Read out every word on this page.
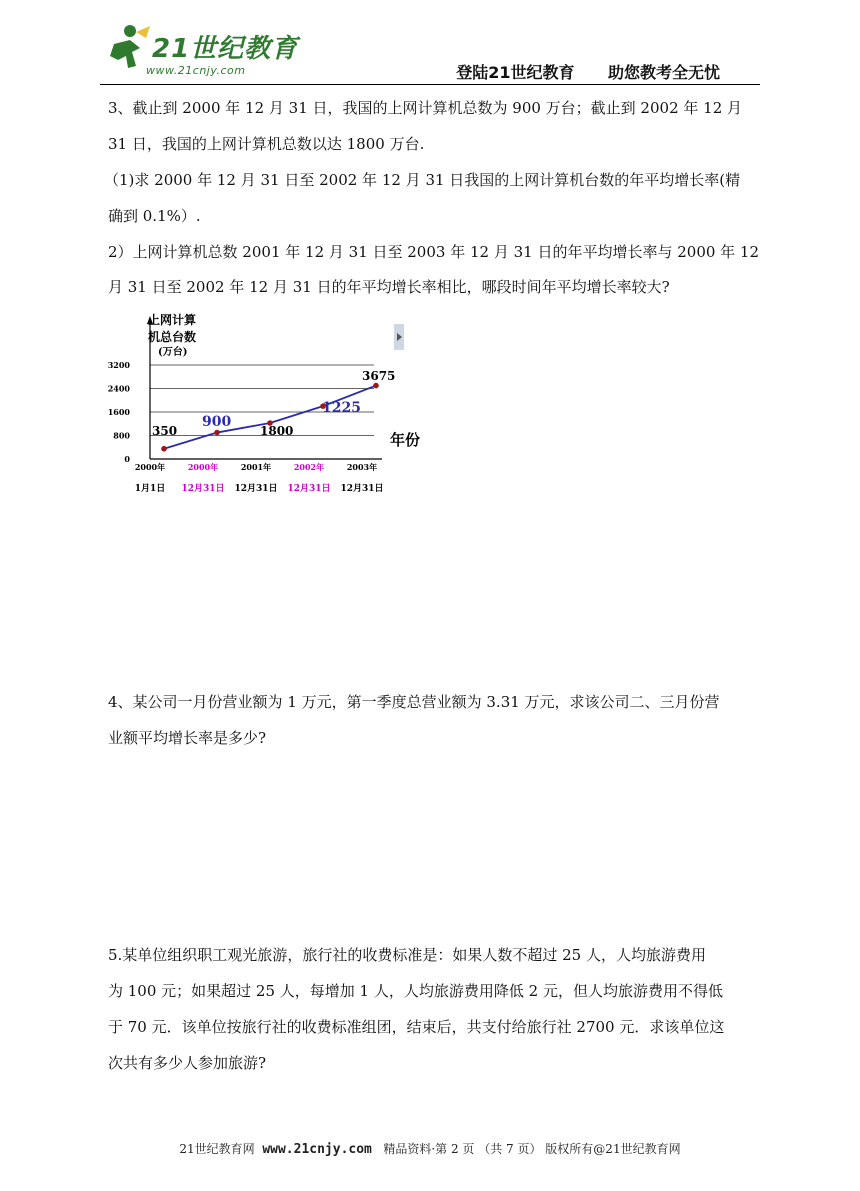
21世纪教育
www.21cnjy.com	登陆21世纪教育 助您教考全无忧
3、截止到 2000 年 12 月 31 日，我国的上网计算机总数为 900 万台；截止到 2002 年 12 月
31 日，我国的上网计算机总数以达 1800 万台.
（1)求 2000 年 12 月 31 日至 2002 年 12 月 31 日我国的上网计算机台数的年平均增长率(精
确到 0.1%）.
2）上网计算机总数 2001 年 12 月 31 日至 2003 年 12 月 31 日的年平均增长率与 2000 年 12
月 31 日至 2002 年 12 月 31 日的年平均增长率相比，哪段时间年平均增长率较大?
0
800
1600
2400
3200
上网计算
机总台数
(万台)
年份
2000年
1月1日
2000年
12月31日
2001年
12月31日
2002年
12月31日
2003年
12月31日
350
900
1800
1225
3675
4、某公司一月份营业额为 1 万元，第一季度总营业额为 3.31 万元，求该公司二、三月份营
业额平均增长率是多少?
5.某单位组织职工观光旅游，旅行社的收费标准是：如果人数不超过 25 人，人均旅游费用
为 100 元；如果超过 25 人，每增加 1 人，人均旅游费用降低 2 元，但人均旅游费用不得低
于 70 元．该单位按旅行社的收费标准组团，结束后，共支付给旅行社 2700 元．求该单位这
次共有多少人参加旅游?
21世纪教育网  www.21cnjy.com   精品资料·第 2 页 （共 7 页） 版权所有@21世纪教育网
